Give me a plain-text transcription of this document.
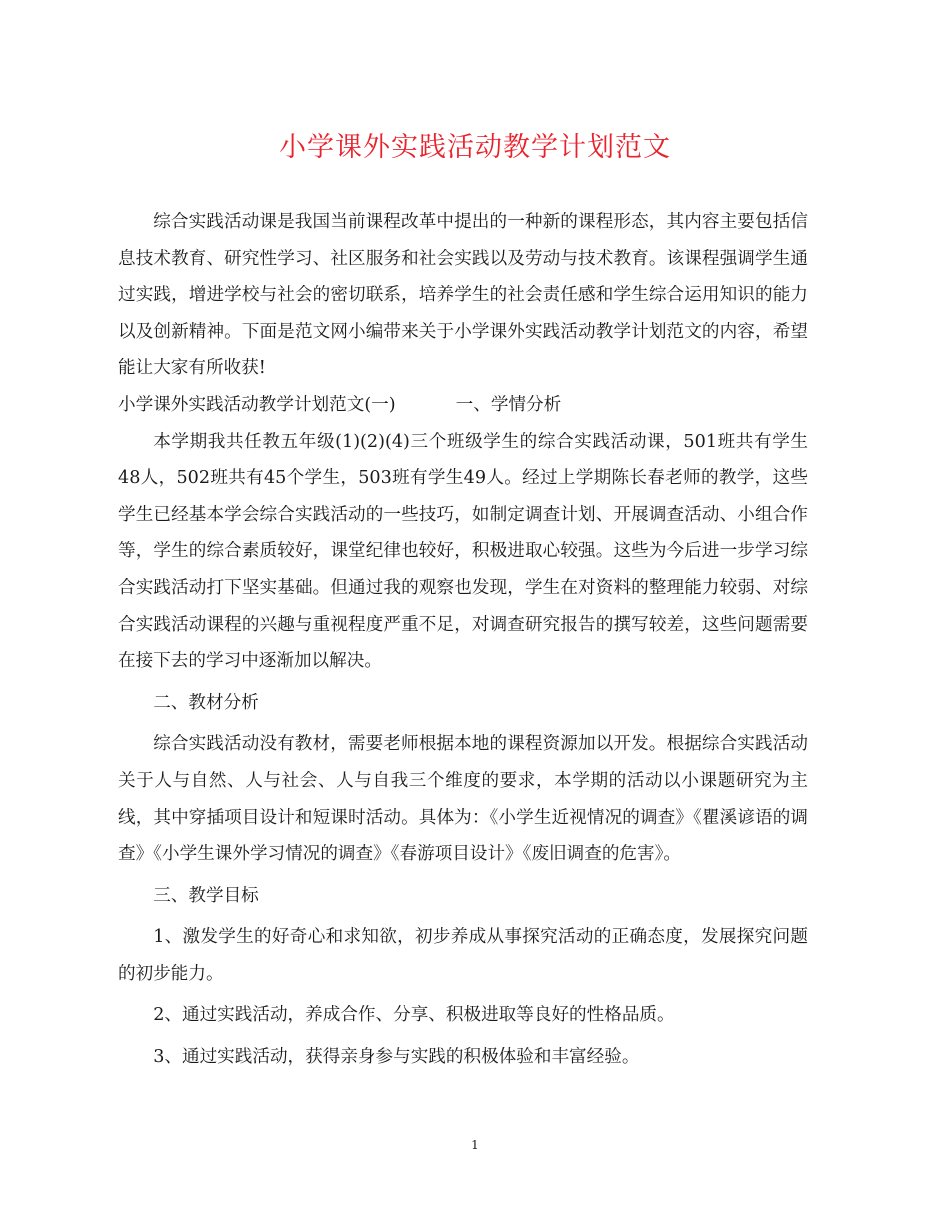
小学课外实践活动教学计划范文

综合实践活动课是我国当前课程改革中提出的一种新的课程形态，其内容主要包括信息技术教育、研究性学习、社区服务和社会实践以及劳动与技术教育。该课程强调学生通过实践，增进学校与社会的密切联系，培养学生的社会责任感和学生综合运用知识的能力以及创新精神。下面是范文网小编带来关于小学课外实践活动教学计划范文的内容，希望能让大家有所收获!

小学课外实践活动教学计划范文(一)	一、学情分析

本学期我共任教五年级(1)(2)(4)三个班级学生的综合实践活动课，501班共有学生48人，502班共有45个学生，503班有学生49人。经过上学期陈长春老师的教学，这些学生已经基本学会综合实践活动的一些技巧，如制定调查计划、开展调查活动、小组合作等，学生的综合素质较好，课堂纪律也较好，积极进取心较强。这些为今后进一步学习综合实践活动打下坚实基础。但通过我的观察也发现，学生在对资料的整理能力较弱、对综合实践活动课程的兴趣与重视程度严重不足，对调查研究报告的撰写较差，这些问题需要在接下去的学习中逐渐加以解决。

二、教材分析

综合实践活动没有教材，需要老师根据本地的课程资源加以开发。根据综合实践活动关于人与自然、人与社会、人与自我三个维度的要求，本学期的活动以小课题研究为主线，其中穿插项目设计和短课时活动。具体为：《小学生近视情况的调查》《瞿溪谚语的调查》《小学生课外学习情况的调查》《春游项目设计》《废旧调查的危害》。

三、教学目标

1、激发学生的好奇心和求知欲，初步养成从事探究活动的正确态度，发展探究问题的初步能力。

2、通过实践活动，养成合作、分享、积极进取等良好的性格品质。

3、通过实践活动，获得亲身参与实践的积极体验和丰富经验。

1
